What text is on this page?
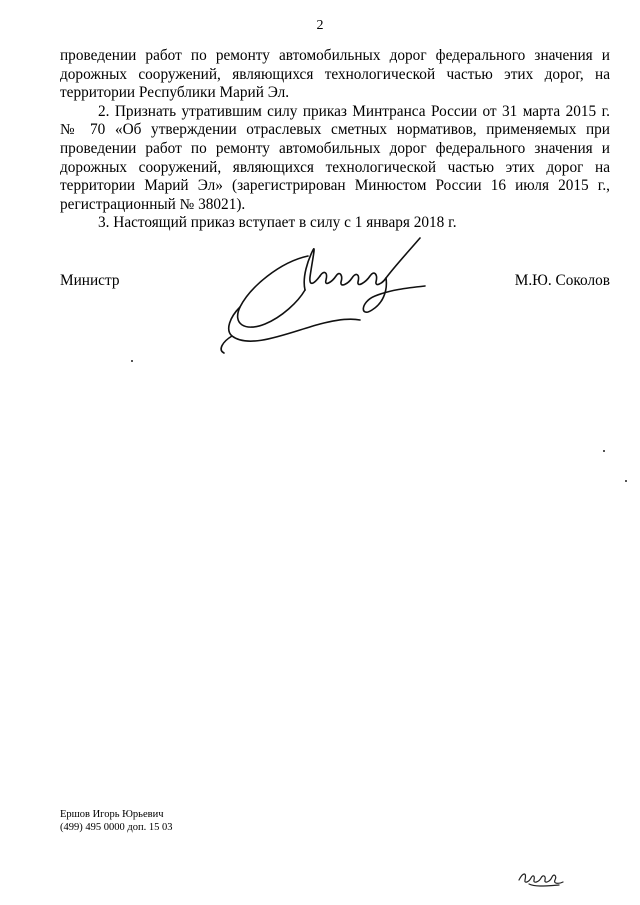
2

проведении работ по ремонту автомобильных дорог федерального значения и дорожных сооружений, являющихся технологической частью этих дорог, на территории Республики Марий Эл.

2. Признать утратившим силу приказ Минтранса России от 31 марта 2015 г. № 70 «Об утверждении отраслевых сметных нормативов, применяемых при проведении работ по ремонту автомобильных дорог федерального значения и дорожных сооружений, являющихся технологической частью этих дорог на территории Марий Эл» (зарегистрирован Минюстом России 16 июля 2015 г., регистрационный № 38021).

3. Настоящий приказ вступает в силу с 1 января 2018 г.

Министр	М.Ю. Соколов
Ершов Игорь Юрьевич
(499) 495 0000 доп. 15 03
